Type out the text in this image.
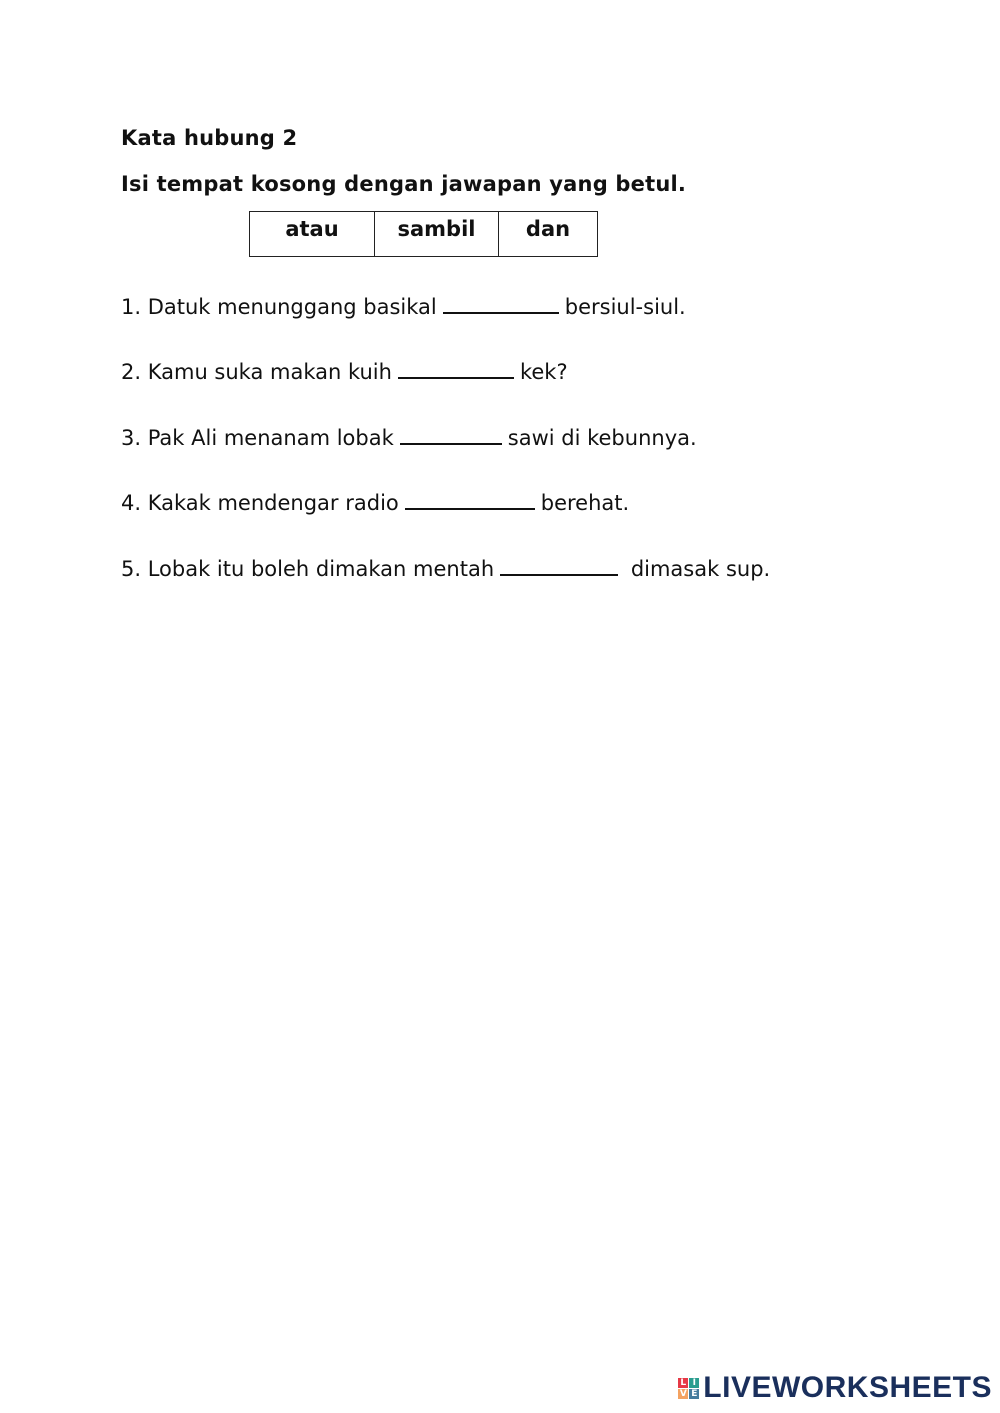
Kata hubung 2
Isi tempat kosong dengan jawapan yang betul.
atau	sambil	dan
1. Datuk menunggang basikal	bersiul-siul.
2. Kamu suka makan kuih	kek?
3. Pak Ali menanam lobak	sawi di kebunnya.
4. Kakak mendengar radio	berehat.
5. Lobak itu boleh dimakan mentah	dimasak sup.
L I
V E LIVEWORKSHEETS
